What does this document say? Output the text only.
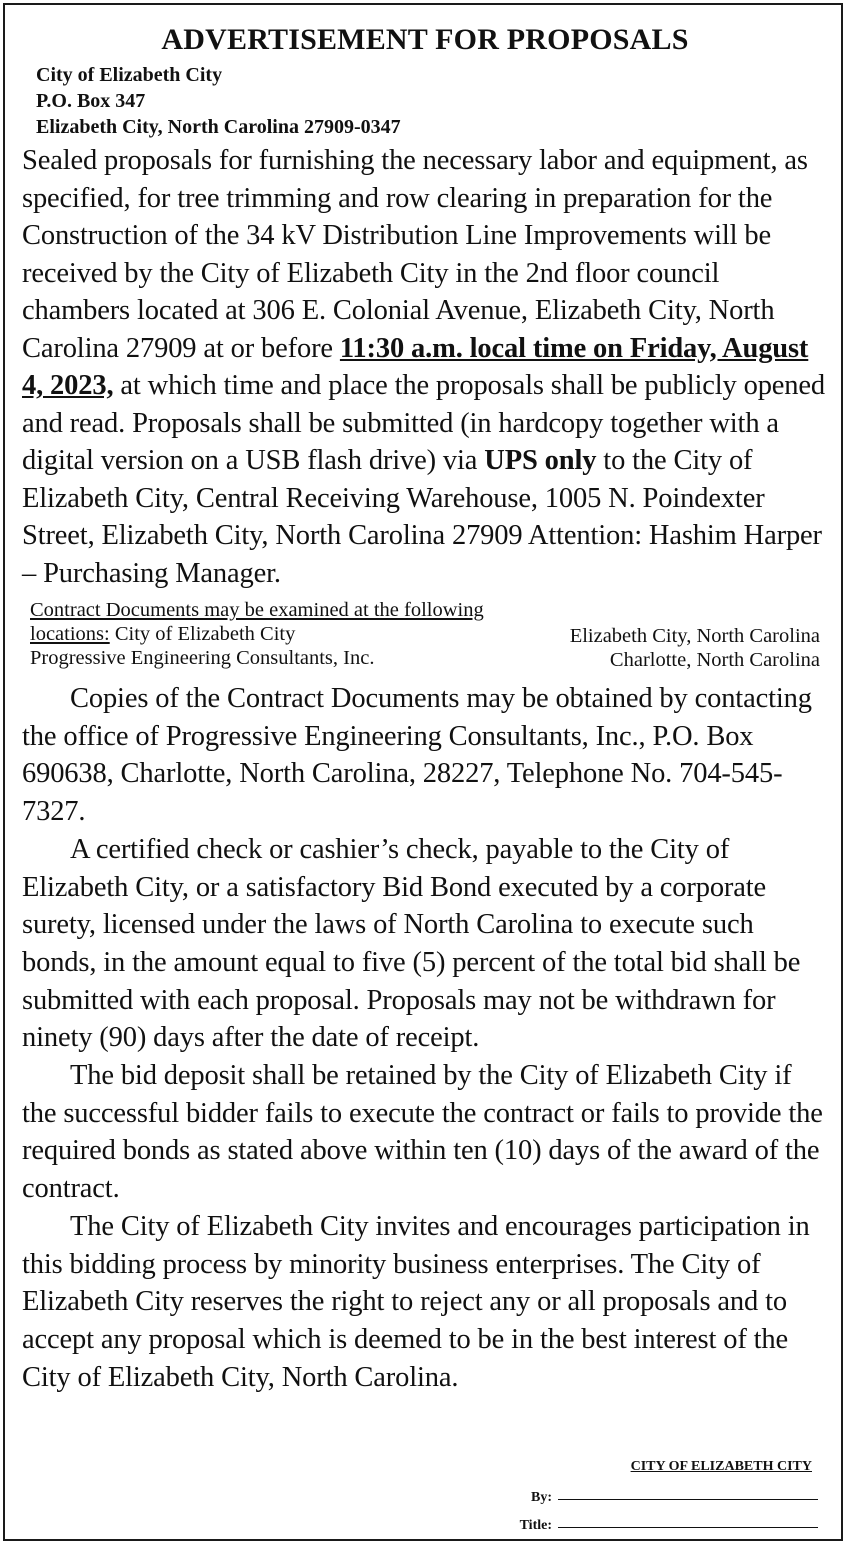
ADVERTISEMENT FOR PROPOSALS
City of Elizabeth City
P.O. Box 347
Elizabeth City, North Carolina 27909-0347

Sealed proposals for furnishing the necessary labor and equipment, as specified, for tree trimming and row clearing in preparation for the Construction of the 34 kV Distribution Line Improvements will be received by the City of Elizabeth City in the 2nd floor council chambers located at 306 E. Colonial Avenue, Elizabeth City, North Carolina 27909 at or before 11:30 a.m. local time on Friday, August 4, 2023, at which time and place the proposals shall be publicly opened and read. Proposals shall be submitted (in hardcopy together with a digital version on a USB flash drive) via UPS only to the City of Elizabeth City, Central Receiving Warehouse, 1005 N. Poindexter Street, Elizabeth City, North Carolina 27909 Attention: Hashim Harper – Purchasing Manager.

Contract Documents may be examined at the following
locations: City of Elizabeth City
Progressive Engineering Consultants, Inc.
Elizabeth City, North Carolina
Charlotte, North Carolina

Copies of the Contract Documents may be obtained by contacting the office of Progressive Engineering Consultants, Inc., P.O. Box 690638, Charlotte, North Carolina, 28227, Telephone No. 704-545-7327.

A certified check or cashier’s check, payable to the City of Elizabeth City, or a satisfactory Bid Bond executed by a corporate surety, licensed under the laws of North Carolina to execute such bonds, in the amount equal to five (5) percent of the total bid shall be submitted with each proposal. Proposals may not be withdrawn for ninety (90) days after the date of receipt.

The bid deposit shall be retained by the City of Elizabeth City if the successful bidder fails to execute the contract or fails to provide the required bonds as stated above within ten (10) days of the award of the contract.

The City of Elizabeth City invites and encourages participation in this bidding process by minority business enterprises. The City of Elizabeth City reserves the right to reject any or all proposals and to accept any proposal which is deemed to be in the best interest of the City of Elizabeth City, North Carolina.

CITY OF ELIZABETH CITY
By:
Title:
